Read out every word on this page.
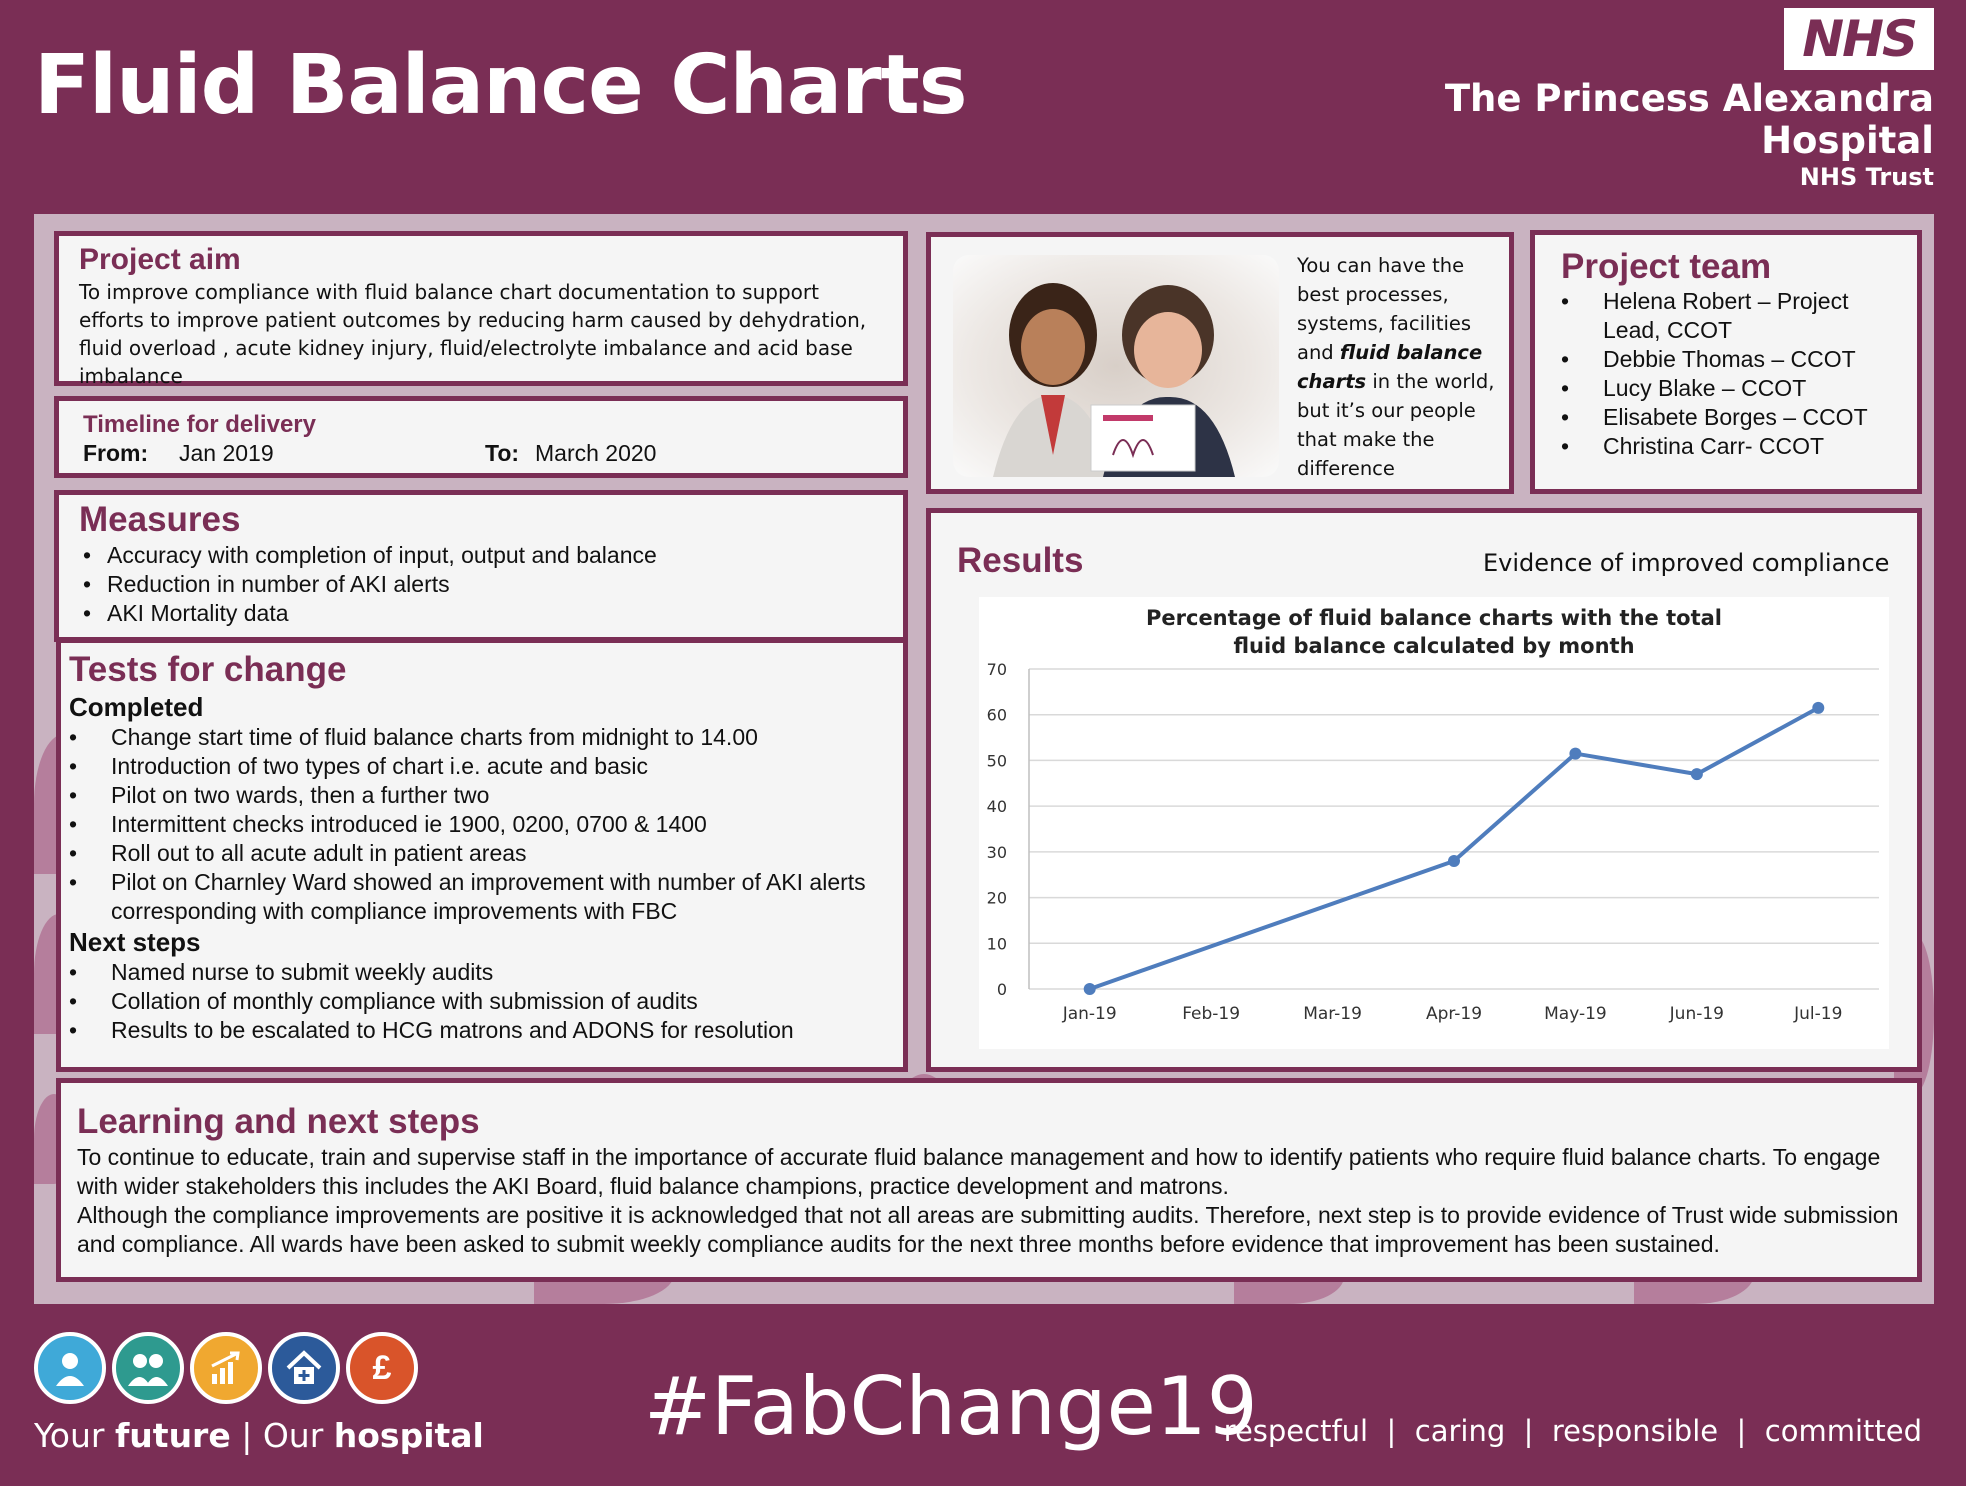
Fluid Balance Charts	NHS
The Princess Alexandra
Hospital
NHS Trust
Project aim
To improve compliance with fluid balance chart documentation to support efforts to improve patient outcomes by reducing harm caused by dehydration, fluid overload , acute kidney injury, fluid/electrolyte imbalance and acid base imbalance
Timeline for delivery
From: Jan 2019	To: March 2020
You can have the best processes, systems, facilities and fluid balance charts in the world, but it’s our people that make the difference
Project team
• Helena Robert – Project Lead, CCOT
• Debbie Thomas – CCOT
• Lucy Blake – CCOT
• Elisabete Borges – CCOT
• Christina Carr- CCOT
Measures
• Accuracy with completion of input, output and balance
• Reduction in number of AKI alerts
• AKI Mortality data
Tests for change
Completed
• Change start time of fluid balance charts from midnight to 14.00
• Introduction of two types of chart i.e. acute and basic
• Pilot on two wards, then a further two
• Intermittent checks introduced ie 1900, 0200, 0700 & 1400
• Roll out to all acute adult in patient areas
• Pilot on Charnley Ward showed an improvement with number of AKI alerts corresponding with compliance improvements with FBC
Next steps
• Named nurse to submit weekly audits
• Collation of monthly compliance with submission of audits
• Results to be escalated to HCG matrons and ADONS for resolution
Results	Evidence of improved compliance
Percentage of fluid balance charts with the total
fluid balance calculated by month
0
10
20
30
40
50
60
70
Jan-19	Feb-19	Mar-19	Apr-19	May-19	Jun-19	Jul-19
Learning and next steps
To continue to educate, train and supervise staff in the importance of accurate fluid balance management and how to identify patients who require fluid balance charts. To engage with wider stakeholders this includes the AKI Board, fluid balance champions, practice development and matrons.
Although the compliance improvements are positive it is acknowledged that not all areas are submitting audits. Therefore, next step is to provide evidence of Trust wide submission and compliance. All wards have been asked to submit weekly compliance audits for the next three months before evidence that improvement has been sustained.
£
Your future | Our hospital #FabChange19
respectful  |  caring  |  responsible  |  committed
